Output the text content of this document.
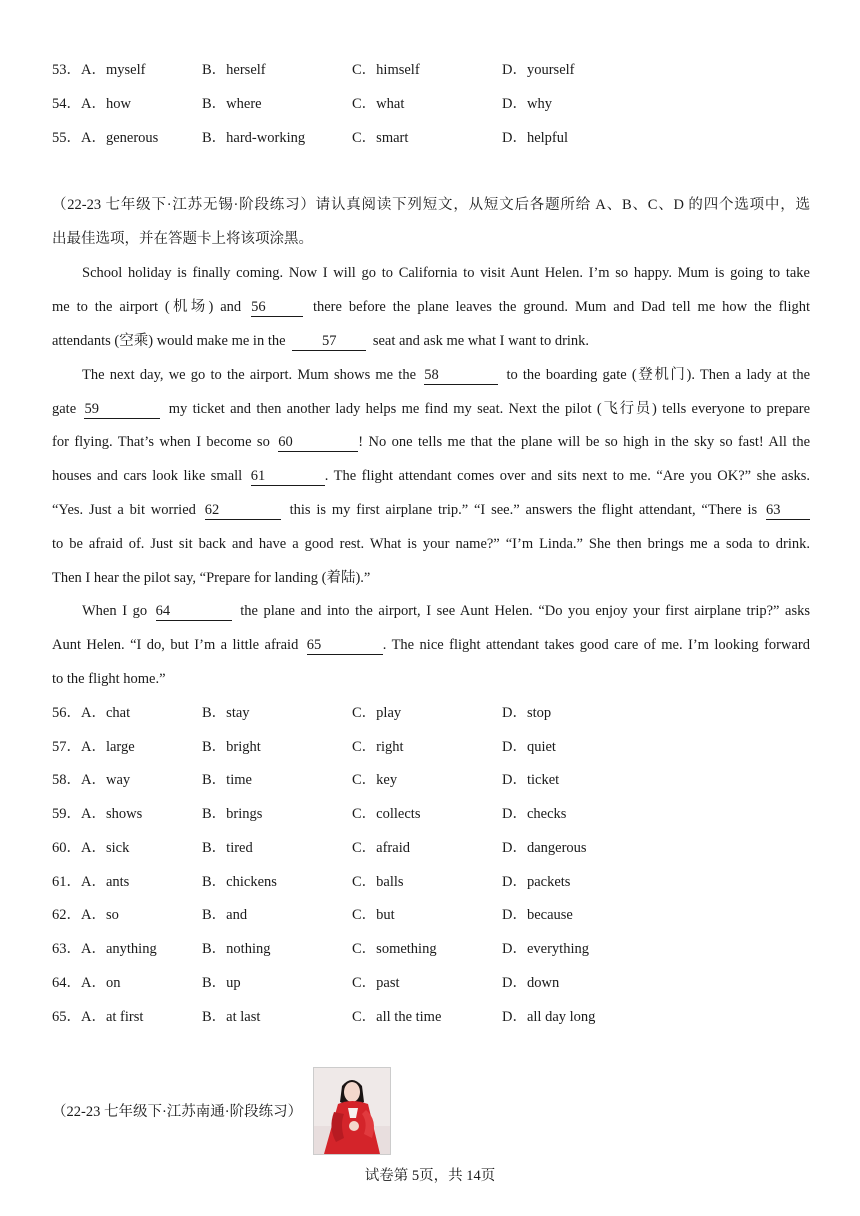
53．A．myself	B．herself	C．himself	D．yourself
54．A．how	B．where	C．what	D．why
55．A．generous	B．hard-working	C．smart	D．helpful
（22-23 七年级下·江苏无锡·阶段练习）请认真阅读下列短文，从短文后各题所给 A、B、C、D 的四个选项中，选
出最佳选项，并在答题卡上将该项涂黑。
School holiday is finally coming. Now I will go to California to visit Aunt Helen. I’m so happy. Mum is going to take
me to the airport (机场) and 56	there before the plane leaves the ground. Mum and Dad tell me how the flight
attendants (空乘) would make me in the	57	seat and ask me what I want to drink.
The next day, we go to the airport. Mum shows me the 58	to the boarding gate (登机门). Then a lady at the
gate 59	my ticket and then another lady helps me find my seat. Next the pilot (飞行员) tells everyone to prepare
for flying. That’s when I become so 60	! No one tells me that the plane will be so high in the sky so fast! All the
houses and cars look like small 61	. The flight attendant comes over and sits next to me. “Are you OK?” she asks.
“Yes. Just a bit worried 62	this is my first airplane trip.” “I see.” answers the flight attendant, “There is 63
to be afraid of. Just sit back and have a good rest. What is your name?” “I’m Linda.” She then brings me a soda to drink.
Then I hear the pilot say, “Prepare for landing (着陆).”
When I go 64	the plane and into the airport, I see Aunt Helen. “Do you enjoy your first airplane trip?” asks
Aunt Helen. “I do, but I’m a little afraid 65	. The nice flight attendant takes good care of me. I’m looking forward
to the flight home.”
56．A．chat	B．stay	C．play	D．stop
57．A．large	B．bright	C．right	D．quiet
58．A．way	B．time	C．key	D．ticket
59．A．shows	B．brings	C．collects	D．checks
60．A．sick	B．tired	C．afraid	D．dangerous
61．A．ants	B．chickens	C．balls	D．packets
62．A．so	B．and	C．but	D．because
63．A．anything	B．nothing	C．something	D．everything
64．A．on	B．up	C．past	D．down
65．A．at first	B．at last	C．all the time	D．all day long
（22-23 七年级下·江苏南通·阶段练习）
试卷第 5页，共 14页
